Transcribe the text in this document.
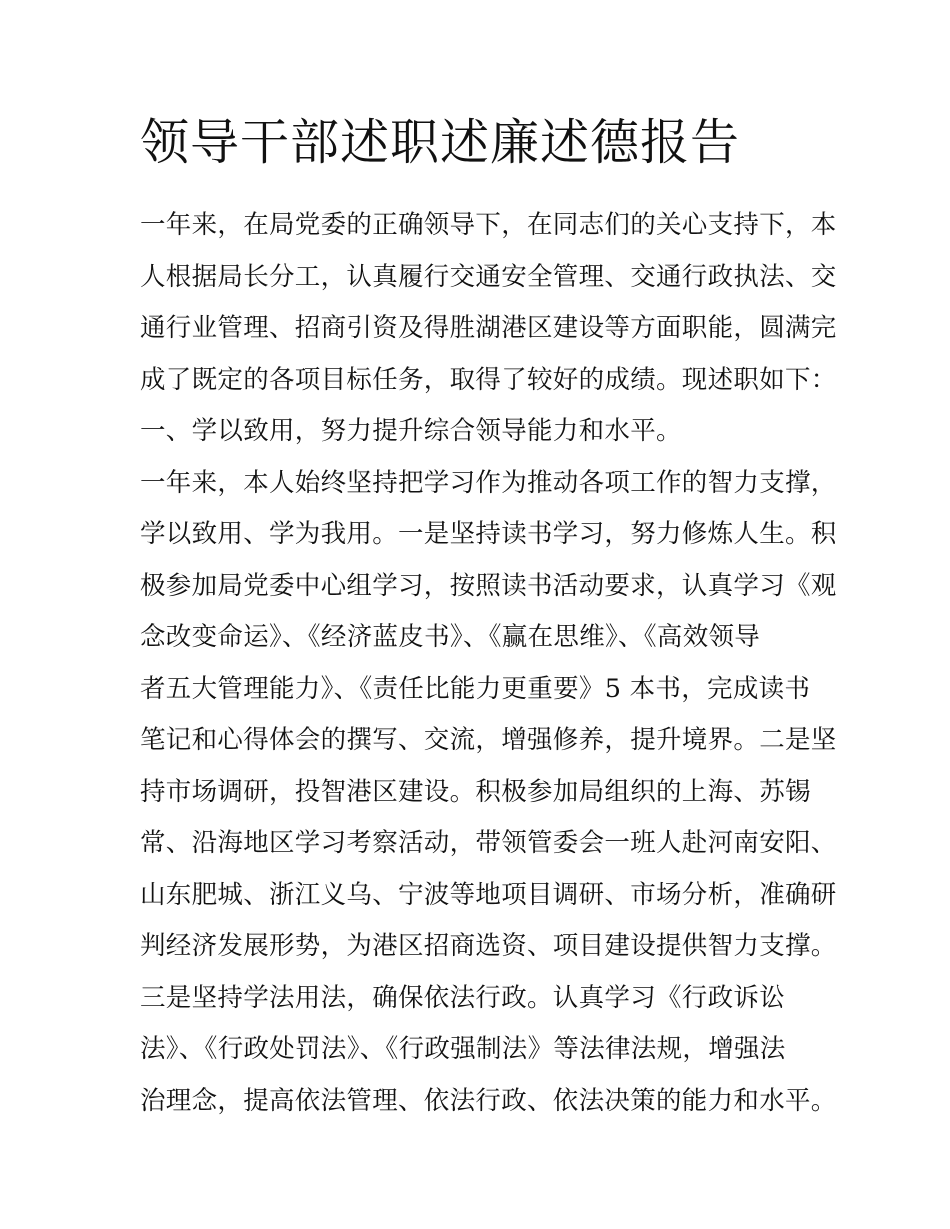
领导干部述职述廉述德报告
一年来，在局党委的正确领导下，在同志们的关心支持下，本
人根据局长分工，认真履行交通安全管理、交通行政执法、交
通行业管理、招商引资及得胜湖港区建设等方面职能，圆满完
成了既定的各项目标任务，取得了较好的成绩。现述职如下：
一、学以致用，努力提升综合领导能力和水平。
一年来，本人始终坚持把学习作为推动各项工作的智力支撑，
学以致用、学为我用。一是坚持读书学习，努力修炼人生。积
极参加局党委中心组学习，按照读书活动要求，认真学习《观
念改变命运》、《经济蓝皮书》、《赢在思维》、《高效领导
者五大管理能力》、《责任比能力更重要》5 本书，完成读书
笔记和心得体会的撰写、交流，增强修养，提升境界。二是坚
持市场调研，投智港区建设。积极参加局组织的上海、苏锡
常、沿海地区学习考察活动，带领管委会一班人赴河南安阳、
山东肥城、浙江义乌、宁波等地项目调研、市场分析，准确研
判经济发展形势，为港区招商选资、项目建设提供智力支撑。
三是坚持学法用法，确保依法行政。认真学习《行政诉讼
法》、《行政处罚法》、《行政强制法》等法律法规，增强法
治理念，提高依法管理、依法行政、依法决策的能力和水平。
